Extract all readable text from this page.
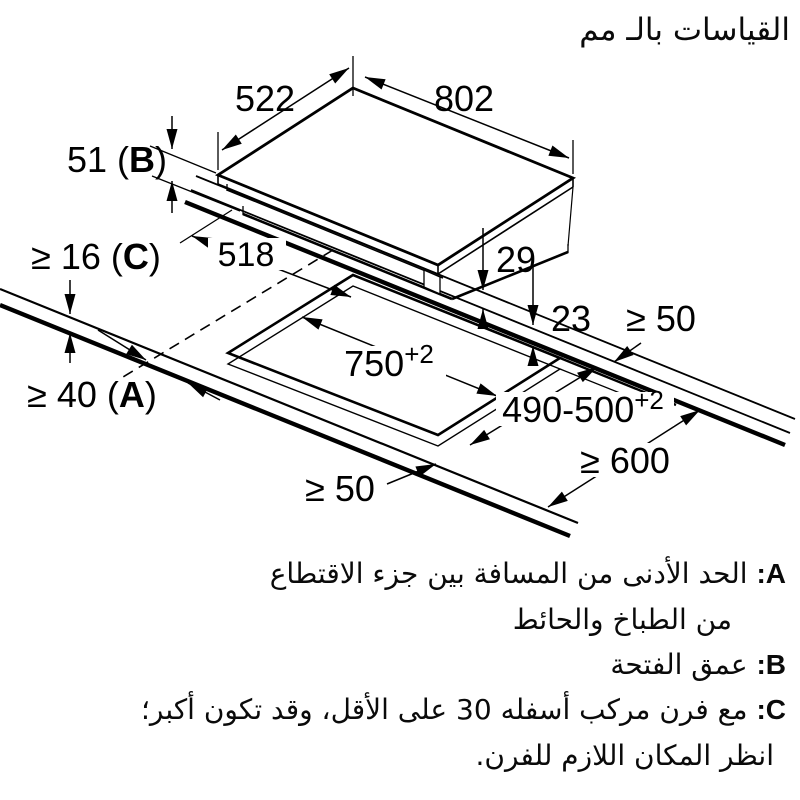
القياسات بالـ مم
522	802
51 (B)
≥ 16 (C) 518	29
23 ≥ 50
$750^{+2}$
≥ 40 (A)	$490-500^{+2}$
≥ 600
≥ 50
A: الحد الأدنى من المسافة بين جزء الاقتطاع
من الطباخ والحائط
B: عمق الفتحة
C: مع فرن مركب أسفله 30 على الأقل، وقد تكون أكبر؛
انظر المكان اللازم للفرن.
